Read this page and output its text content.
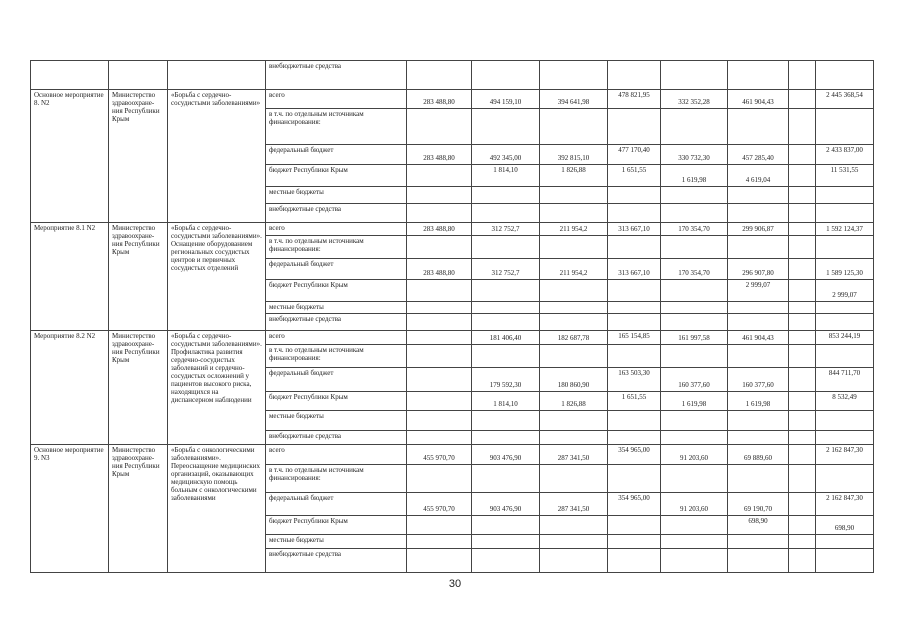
			внебюджетные средства								
Основное мероприятие 8. N2	Министерство здравоохране-ния Республики Крым	«Борьба с сердечно-сосудистыми заболеваниями»	всего	283 488,80	494 159,10	394 641,98	478 821,95	332 352,28	461 904,43		2 445 368,54
			в т.ч. по отдельным источникам финансирования:								
			федеральный бюджет	283 488,80	492 345,00	392 815,10	477 170,40	330 732,30	457 285,40		2 433 837,00
			бюджет Республики Крым		1 814,10	1 826,88	1 651,55	1 619,98	4 619,04		11 531,55
			местные бюджеты								
			внебюджетные средства								
Мероприятие 8.1 N2	Министерство здравоохране-ния Республики Крым	«Борьба с сердечно-сосудистыми заболеваниями». Оснащение оборудованием региональных сосудистых центров и первичных сосудистых отделений	всего	283 488,80	312 752,7	211 954,2	313 667,10	170 354,70	299 906,87		1 592 124,37
			в т.ч. по отдельным источникам финансирования:								
			федеральный бюджет	283 488,80	312 752,7	211 954,2	313 667,10	170 354,70	296 907,80		1 589 125,30
			бюджет Республики Крым						2 999,07		2 999,07
			местные бюджеты								
			внебюджетные средства								
Мероприятие 8.2 N2	Министерство здравоохране-ния Республики Крым	«Борьба с сердечно-сосудистыми заболеваниями». Профилактика развития сердечно-сосудистых заболеваний и сердечно-сосудистых осложнений у пациентов высокого риска, находящихся на диспансерном наблюдении	всего		181 406,40	182 687,78	165 154,85	161 997,58	461 904,43		853 244,19
			в т.ч. по отдельным источникам финансирования:								
			федеральный бюджет		179 592,30	180 860,90	163 503,30	160 377,60	160 377,60		844 711,70
			бюджет Республики Крым		1 814,10	1 826,88	1 651,55	1 619,98	1 619,98		8 532,49
			местные бюджеты								
			внебюджетные средства								
Основное мероприятие 9. N3	Министерство здравоохране-ния Республики Крым	«Борьба с онкологическими заболеваниями». Переоснащение медицинских организаций, оказывающих медицинскую помощь больным с онкологическими заболеваниями	всего	455 970,70	903 476,90	287 341,50	354 965,00	91 203,60	69 889,60		2 162 847,30
			в т.ч. по отдельным источникам финансирования:								
			федеральный бюджет	455 970,70	903 476,90	287 341,50	354 965,00	91 203,60	69 190,70		2 162 847,30
			бюджет Республики Крым						698,90		698,90
			местные бюджеты								
			внебюджетные средства								
30
